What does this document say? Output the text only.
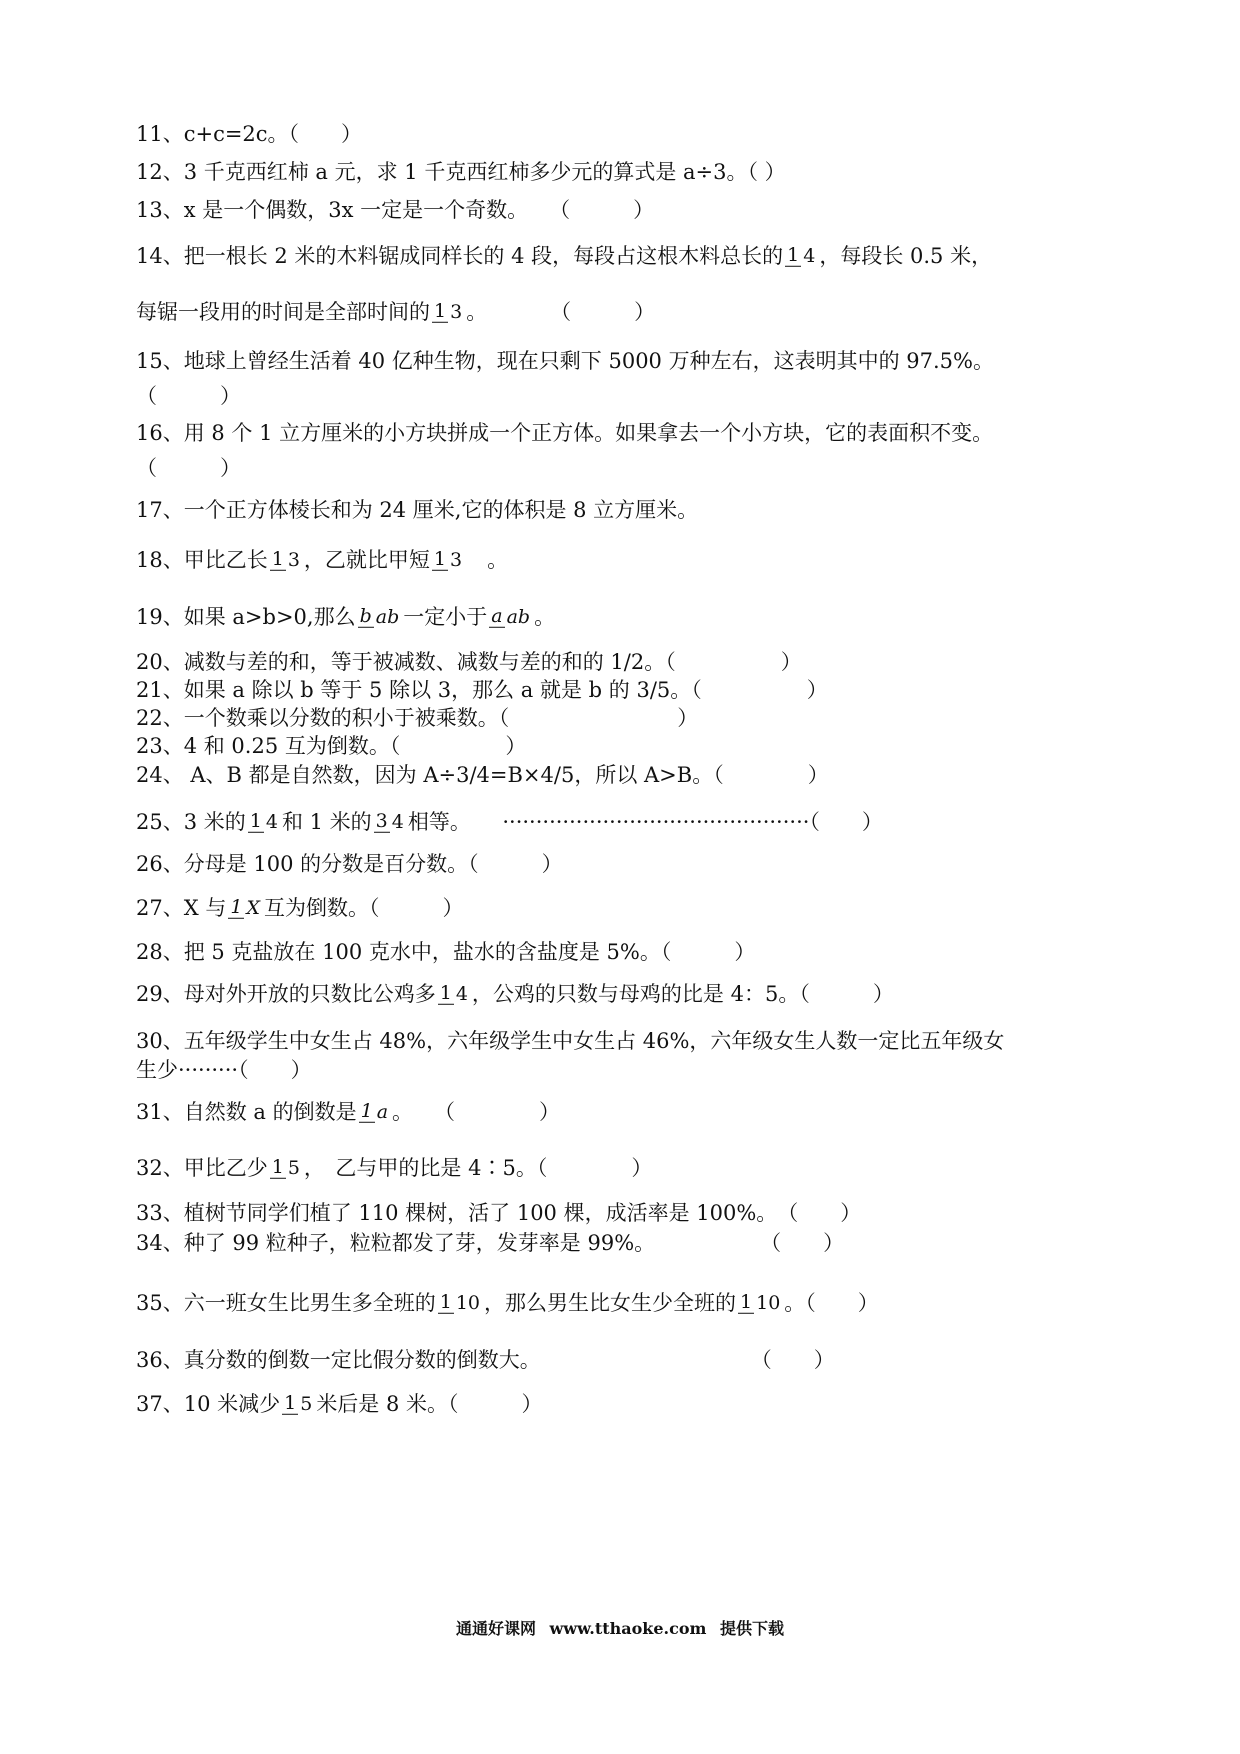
11、c+c=2c。（　　）
12、3 千克西红柿 a 元，求 1 千克西红柿多少元的算式是 a÷3。（ ）
13、x 是一个偶数，3x 一定是一个奇数。　　（　　　）
14、把一根长 2 米的木料锯成同样长的 4 段，每段占这根木料总长的 1 4 ，每段长 0.5 米，
每锯一段用的时间是全部时间的 1 3 。　　　　（　　　）
15、地球上曾经生活着 40 亿种生物，现在只剩下 5000 万种左右，这表明其中的 97.5%。
（　　　）
16、用 8 个 1 立方厘米的小方块拼成一个正方体。如果拿去一个小方块，它的表面积不变。
（　　　）
17、一个正方体棱长和为 24 厘米,它的体积是 8 立方厘米。
18、甲比乙长 1 3 ，乙就比甲短 1 3　。
19、如果 a>b>0,那么 b ab 一定小于 a ab 。
20、减数与差的和，等于被减数、减数与差的和的 1/2。（　　　　　）
21、如果 a 除以 b 等于 5 除以 3，那么 a 就是 b 的 3/5。（　　　　　）
22、一个数乘以分数的积小于被乘数。（　　　　　　　　）
23、4 和 0.25 互为倒数。（　　　　　）
24、 A、B 都是自然数，因为 A÷3/4=B×4/5，所以 A>B。（　　　　）
25、3 米的 1 4 和 1 米的 3 4 相等。　　··············································（　　）
26、分母是 100 的分数是百分数。（　　　）
27、X 与 1 X 互为倒数。（　　　）
28、把 5 克盐放在 100 克水中，盐水的含盐度是 5%。（　　　）
29、母对外开放的只数比公鸡多 1 4 ，公鸡的只数与母鸡的比是 4：5。（　　　）
30、五年级学生中女生占 48%，六年级学生中女生占 46%，六年级女生人数一定比五年级女
生少·········（　　）
31、自然数 a 的倒数是1 a。　　（　　　　）
32、甲比乙少 1 5 ，　乙与甲的比是 4∶5。（　　　　）
33、植树节同学们植了 110 棵树，活了 100 棵，成活率是 100%。　（　　）
34、种了 99 粒种子，粒粒都发了芽，发芽率是 99%。　　　　　　（　　）
35、六一班女生比男生多全班的 1 10 ，那么男生比女生少全班的 1 10 。（　　）
36、真分数的倒数一定比假分数的倒数大。　　　　　　　　　　　（　　）
37、10 米减少 1 5 米后是 8 米。（　　　）
通通好课网 www.tthaoke.com 提供下载
